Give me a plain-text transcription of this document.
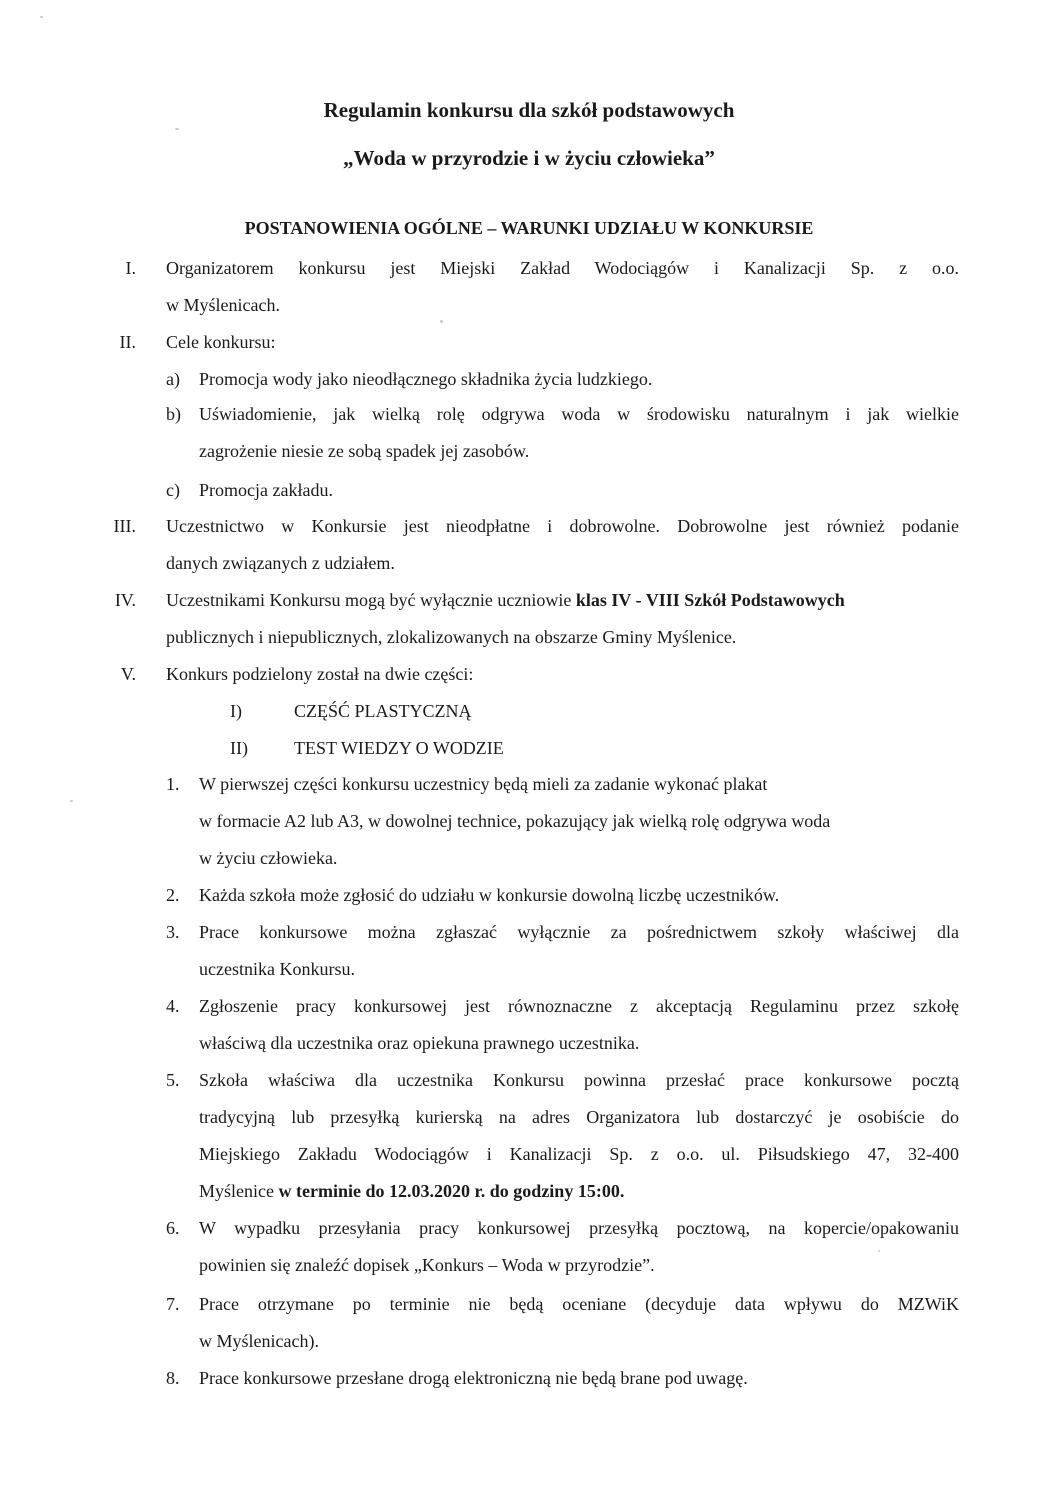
Regulamin konkursu dla szkół podstawowych
„Woda w przyrodzie i w życiu człowieka”
POSTANOWIENIA OGÓLNE – WARUNKI UDZIAŁU W KONKURSIE
I. Organizatorem konkursu jest Miejski Zakład Wodociągów i Kanalizacji Sp. z o.o.
w Myślenicach.
II. Cele konkursu:
a) Promocja wody jako nieodłącznego składnika życia ludzkiego.
b) Uświadomienie, jak wielką rolę odgrywa woda w środowisku naturalnym i jak wielkie
zagrożenie niesie ze sobą spadek jej zasobów.
c) Promocja zakładu.
III. Uczestnictwo w Konkursie jest nieodpłatne i dobrowolne. Dobrowolne jest również podanie
danych związanych z udziałem.
IV. Uczestnikami Konkursu mogą być wyłącznie uczniowie klas IV - VIII Szkół Podstawowych
publicznych i niepublicznych, zlokalizowanych na obszarze Gminy Myślenice.
V. Konkurs podzielony został na dwie części:
I)	CZĘŚĆ PLASTYCZNĄ
II)	TEST WIEDZY O WODZIE
1. W pierwszej części konkursu uczestnicy będą mieli za zadanie wykonać plakat
w formacie A2 lub A3, w dowolnej technice, pokazujący jak wielką rolę odgrywa woda
w życiu człowieka.
2. Każda szkoła może zgłosić do udziału w konkursie dowolną liczbę uczestników.
3. Prace konkursowe można zgłaszać wyłącznie za pośrednictwem szkoły właściwej dla
uczestnika Konkursu.
4. Zgłoszenie pracy konkursowej jest równoznaczne z akceptacją Regulaminu przez szkołę
właściwą dla uczestnika oraz opiekuna prawnego uczestnika.
5. Szkoła właściwa dla uczestnika Konkursu powinna przesłać prace konkursowe pocztą
tradycyjną lub przesyłką kurierską na adres Organizatora lub dostarczyć je osobiście do
Miejskiego Zakładu Wodociągów i Kanalizacji Sp. z o.o. ul. Piłsudskiego 47, 32-400
Myślenice w terminie do 12.03.2020 r. do godziny 15:00.
6. W wypadku przesyłania pracy konkursowej przesyłką pocztową, na kopercie/opakowaniu
powinien się znaleźć dopisek „Konkurs – Woda w przyrodzie”.
7. Prace otrzymane po terminie nie będą oceniane (decyduje data wpływu do MZWiK
w Myślenicach).
8. Prace konkursowe przesłane drogą elektroniczną nie będą brane pod uwagę.
